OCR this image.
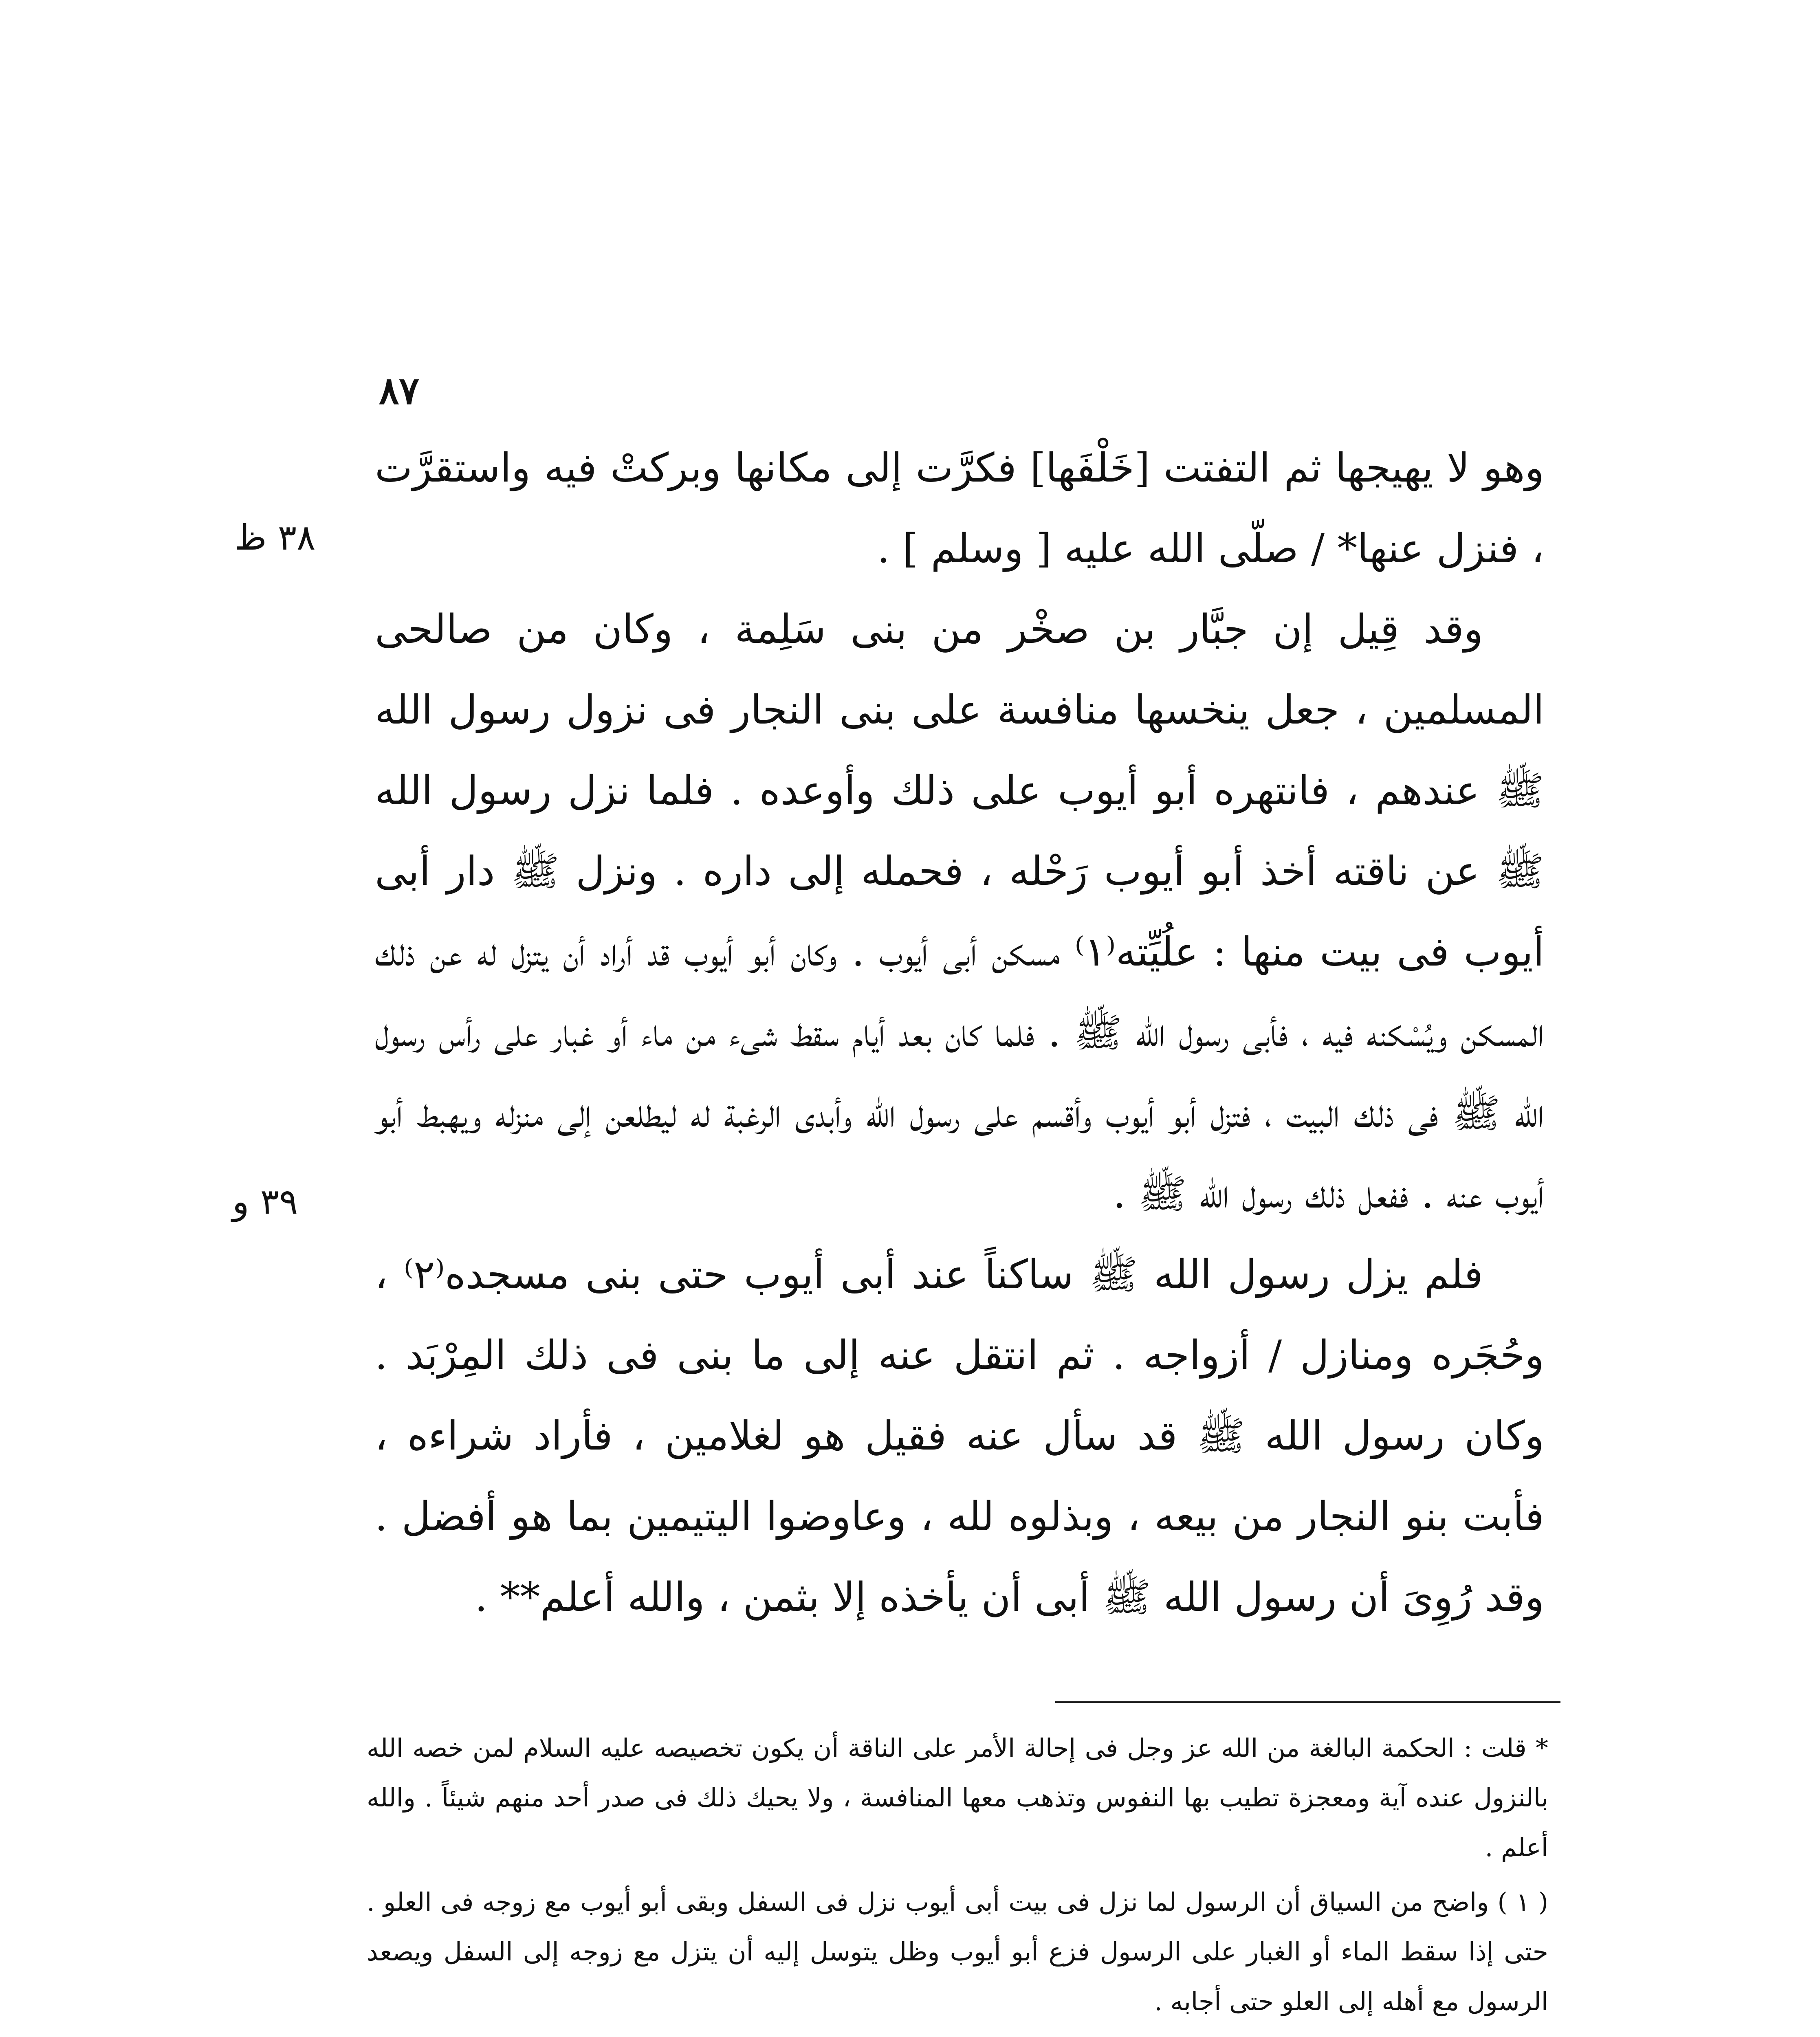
٨٧
٣٨ ظ
٣٩ و

وهو لا يهيجها ثم التفتت [خَلْفَها] فكرَّت إلى مكانها وبركتْ فيه واستقرَّت ، فنزل عنها* / صلّى الله عليه [ وسلم ] .

وقد قِيل إن جبَّار بن صخْر من بنى سَلِمة ، وكان من صالحى المسلمين ، جعل ينخسها منافسة على بنى النجار فى نزول رسول الله ﷺ عندهم ، فانتهره أبو أيوب على ذلك وأوعده . فلما نزل رسول الله ﷺ عن ناقته أخذ أبو أيوب رَحْله ، فحمله إلى داره . ونزل ﷺ دار أبى أيوب فى بيت منها : علُيِّته⁽١⁾ مسكن أبى أيوب . وكان أبو أيوب قد أراد أن يتزل له عن ذلك المسكن ويُسْكنه فيه ، فأبى رسول الله ﷺ . فلما كان بعد أيام سقط شىء من ماء أو غبار على رأس رسول الله ﷺ فى ذلك البيت ، فتزل أبو أيوب وأقسم على رسول الله وأبدى الرغبة له ليطلعن إلى منزله ويهبط أبو أيوب عنه . ففعل ذلك رسول الله ﷺ .

فلم يزل رسول الله ﷺ ساكناً عند أبى أيوب حتى بنى مسجده⁽٢⁾ ، وحُجَره ومنازل / أزواجه . ثم انتقل عنه إلى ما بنى فى ذلك المِرْبَد . وكان رسول الله ﷺ قد سأل عنه فقيل هو لغلامين ، فأراد شراءه ، فأبت بنو النجار من بيعه ، وبذلوه لله ، وعاوضوا اليتيمين بما هو أفضل . وقد رُوِىَ أن رسول الله ﷺ أبى أن يأخذه إلا بثمن ، والله أعلم** .

* قلت : الحكمة البالغة من الله عز وجل فى إحالة الأمر على الناقة أن يكون تخصيصه عليه السلام لمن خصه الله بالنزول عنده آية ومعجزة تطيب بها النفوس وتذهب معها المنافسة ، ولا يحيك ذلك فى صدر أحد منهم شيئاً . والله أعلم .

( ١ ) واضح من السياق أن الرسول لما نزل فى بيت أبى أيوب نزل فى السفل وبقى أبو أيوب مع زوجه فى العلو . حتى إذا سقط الماء أو الغبار على الرسول فزع أبو أيوب وظل يتوسل إليه أن يتزل مع زوجه إلى السفل ويصعد الرسول مع أهله إلى العلو حتى أجابه .
